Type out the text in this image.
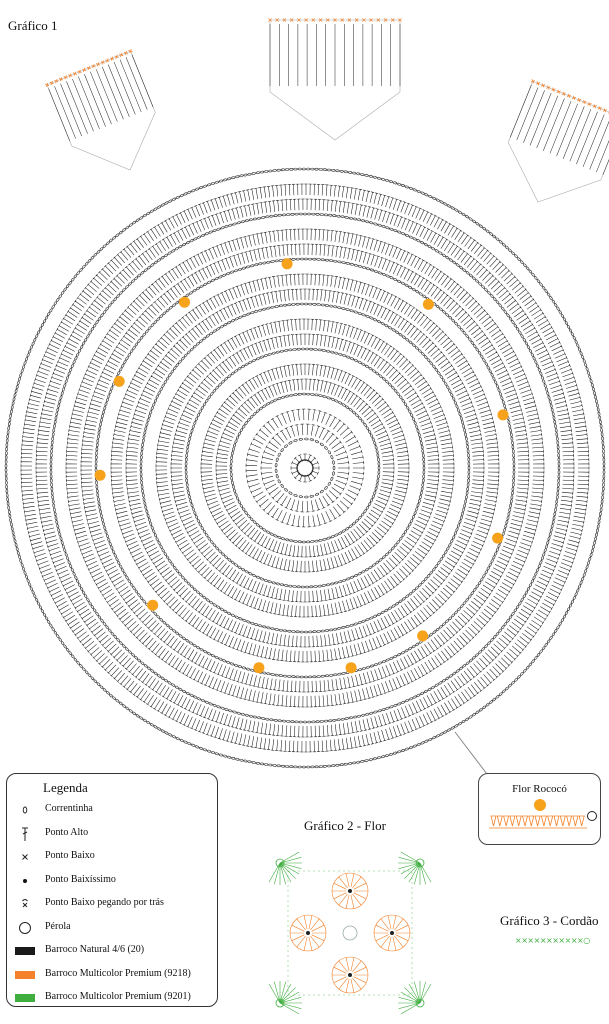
Gráfico 1
Flor Rococó
Legenda
Correntinha
Ponto Alto
Ponto Baixo
Ponto Baixíssimo
Ponto Baixo pegando por trás
Pérola
Barroco Natural 4/6 (20)
Barroco Multicolor Premium (9218)
Barroco Multicolor Premium (9201)
Gráfico 2 - Flor
Gráfico 3 - Cordão
×××××××××××○
